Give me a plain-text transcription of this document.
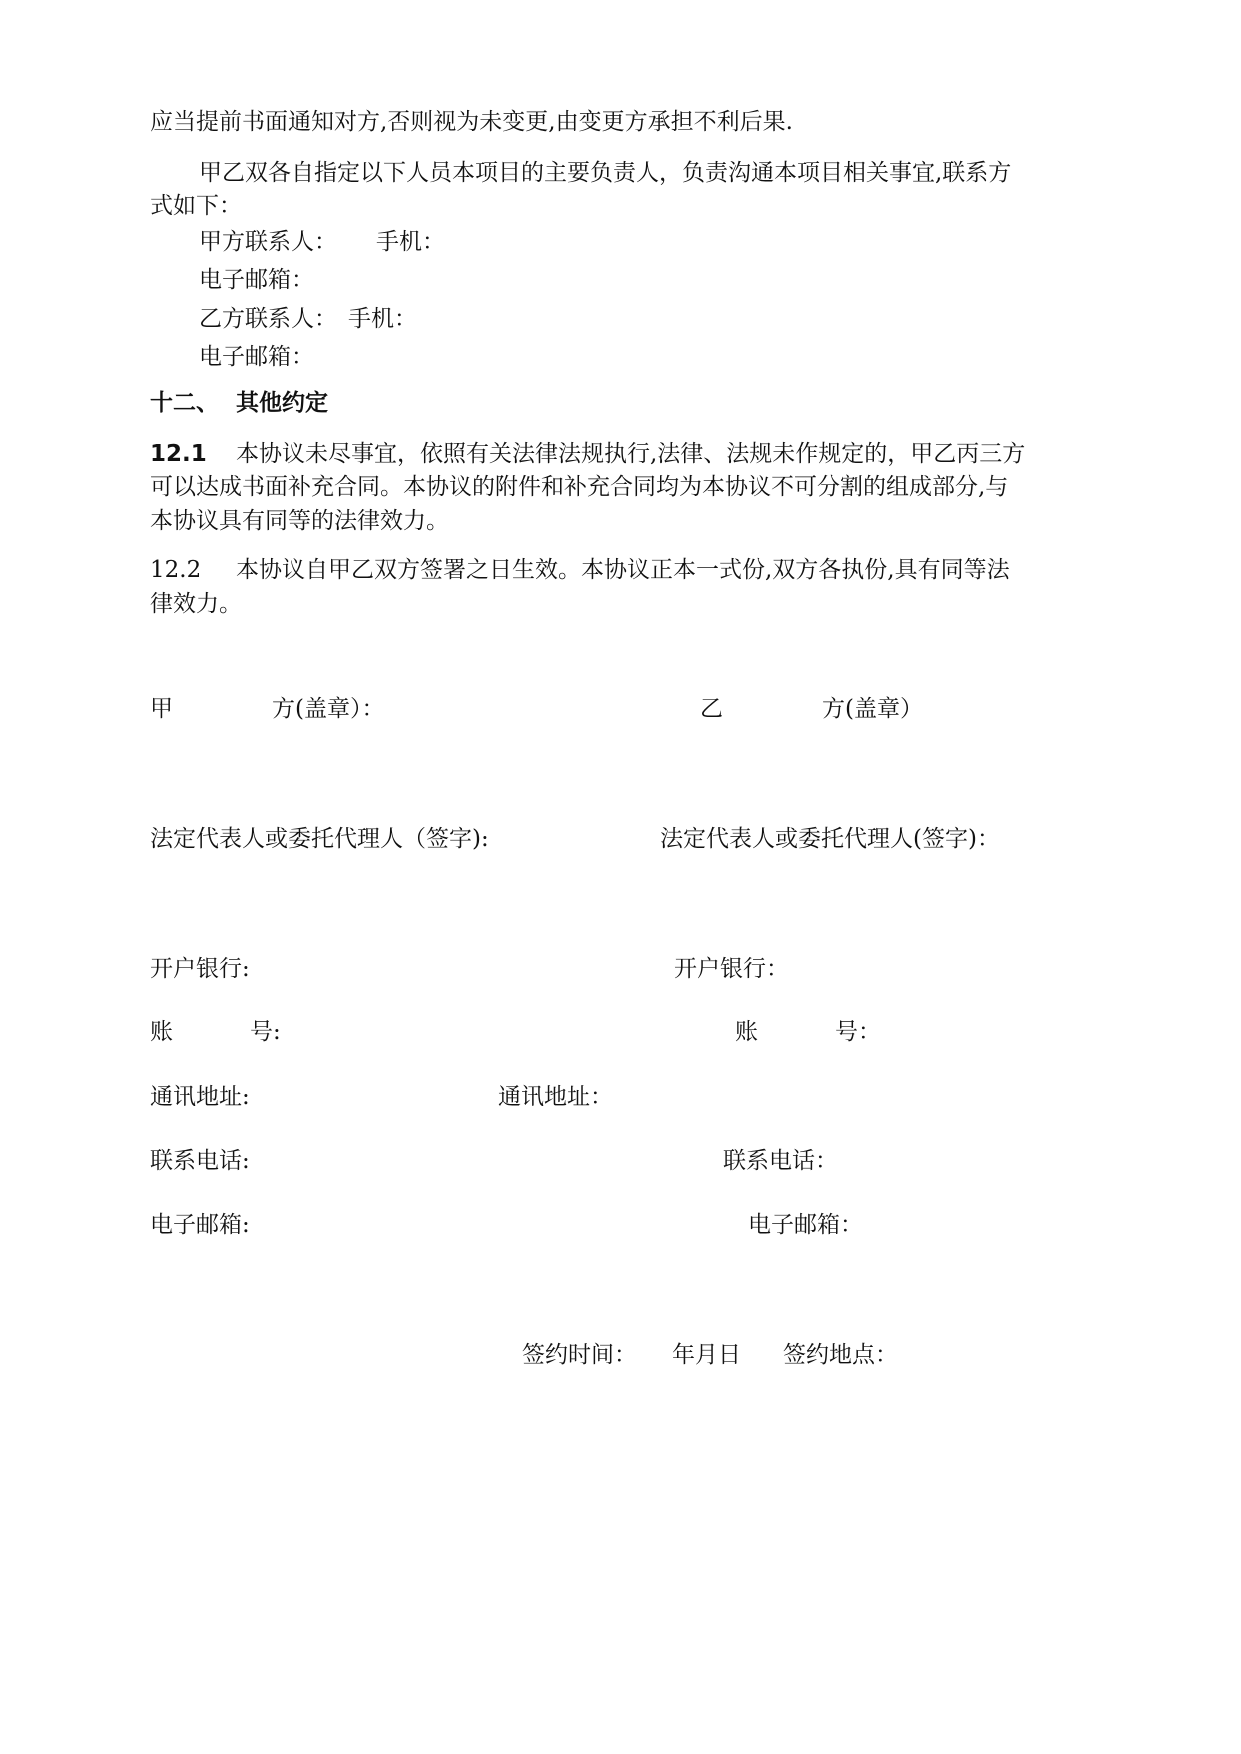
应当提前书面通知对方,否则视为未变更,由变更方承担不利后果.
甲乙双各自指定以下人员本项目的主要负责人，负责沟通本项目相关事宜,联系方
式如下：
甲方联系人： 手机：
电子邮箱：
乙方联系人： 手机：
电子邮箱：
十二、 其他约定
12.1 本协议未尽事宜，依照有关法律法规执行,法律、法规未作规定的，甲乙丙三方
可以达成书面补充合同。本协议的附件和补充合同均为本协议不可分割的组成部分,与
本协议具有同等的法律效力。
12.2 本协议自甲乙双方签署之日生效。本协议正本一式份,双方各执份,具有同等法
律效力。
甲	方(盖章）：	乙	方(盖章）
法定代表人或委托代理人（签字):	法定代表人或委托代理人(签字)：
开户银行:	开户银行：
账	号:	账	号：
通讯地址:	通讯地址：
联系电话:	联系电话：
电子邮箱:	电子邮箱：
签约时间： 年月日 签约地点：
